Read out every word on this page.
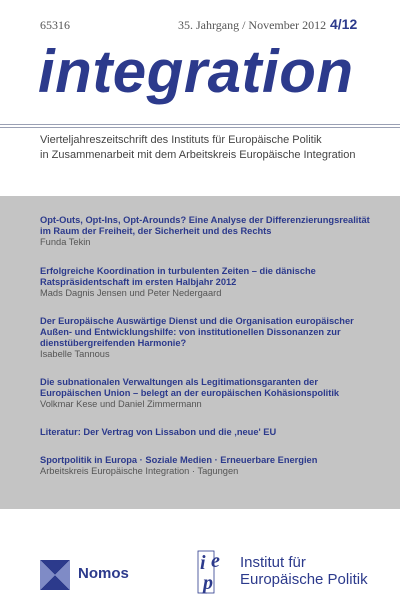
65316	35. Jahrgang / November 2012 4/12
integration
Vierteljahreszeitschrift des Instituts für Europäische Politik
in Zusammenarbeit mit dem Arbeitskreis Europäische Integration
Opt-Outs, Opt-Ins, Opt-Arounds? Eine Analyse der Differenzierungsrealität
im Raum der Freiheit, der Sicherheit und des Rechts
Funda Tekin
Erfolgreiche Koordination in turbulenten Zeiten – die dänische
Ratspräsidentschaft im ersten Halbjahr 2012
Mads Dagnis Jensen und Peter Nedergaard
Der Europäische Auswärtige Dienst und die Organisation europäischer
Außen- und Entwicklungshilfe: von institutionellen Dissonanzen zur
dienstübergreifenden Harmonie?
Isabelle Tannous
Die subnationalen Verwaltungen als Legitimationsgaranten der
Europäischen Union – belegt an der europäischen Kohäsionspolitik
Volkmar Kese und Daniel Zimmermann
Literatur: Der Vertrag von Lissabon und die ‚neue' EU
Sportpolitik in Europa · Soziale Medien · Erneuerbare Energien
Arbeitskreis Europäische Integration · Tagungen
Nomos	i e
p
Institut für
Europäische Politik
